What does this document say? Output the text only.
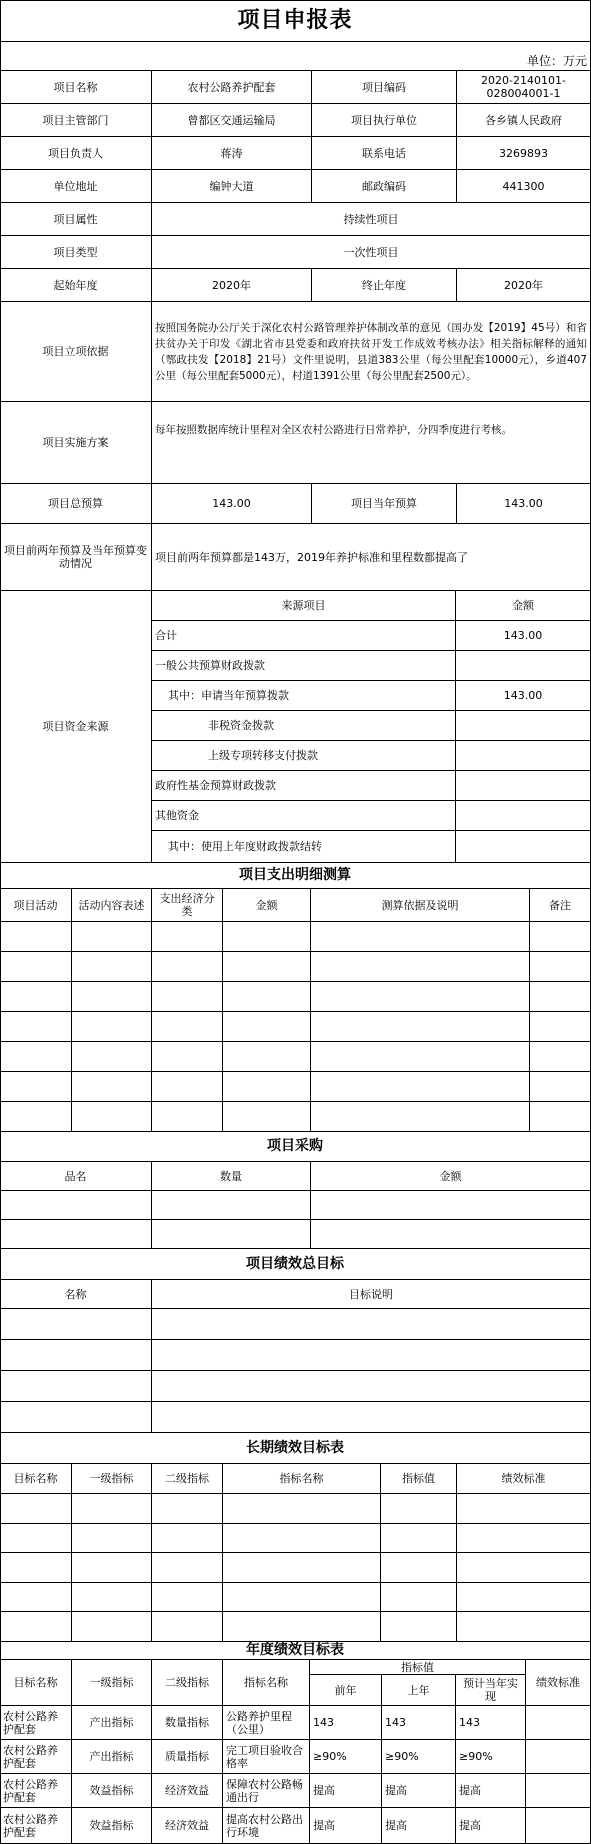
项目申报表
单位：万元
项目名称	农村公路养护配套	项目编码	2020-2140101-028004001-1
项目主管部门	曾都区交通运输局	项目执行单位	各乡镇人民政府
项目负责人	蒋涛	联系电话	3269893
单位地址	编钟大道	邮政编码	441300
项目属性	持续性项目
项目类型	一次性项目
起始年度	2020年	终止年度	2020年
项目立项依据
按照国务院办公厅关于深化农村公路管理养护体制改革的意见（国办发【2019】45号）和省扶贫办关于印发《湖北省市县党委和政府扶贫开发工作成效考核办法》相关指标解释的通知（鄂政扶发【2018】21号）文件里说明，县道383公里（每公里配套10000元），乡道407公里（每公里配套5000元），村道1391公里（每公里配套2500元）。
项目实施方案
每年按照数据库统计里程对全区农村公路进行日常养护，分四季度进行考核。
项目总预算	143.00	项目当年预算	143.00
项目前两年预算及当年预算变动情况	项目前两年预算都是143万，2019年养护标准和里程数都提高了
项目资金来源
来源项目	金额
合计	143.00
一般公共预算财政拨款
其中：申请当年预算拨款	143.00
非税资金拨款
上级专项转移支付拨款
政府性基金预算财政拨款
其他资金
其中：使用上年度财政拨款结转
项目支出明细测算
项目活动	活动内容表述	支出经济分类	金额	测算依据及说明	备注
项目采购
品名	数量	金额
项目绩效总目标
名称	目标说明
长期绩效目标表
目标名称	一级指标	二级指标	指标名称	指标值	绩效标准
年度绩效目标表
目标名称	一级指标	二级指标	指标名称
指标值
绩效标准
前年	上年	预计当年实现
农村公路养护配套	产出指标	数量指标	公路养护里程（公里）	143	143	143
农村公路养护配套	产出指标	质量指标	完工项目验收合格率	≥90%	≥90%	≥90%
农村公路养护配套	效益指标	经济效益	保障农村公路畅通出行	提高	提高	提高
农村公路养护配套	效益指标	经济效益	提高农村公路出行环境	提高	提高	提高
